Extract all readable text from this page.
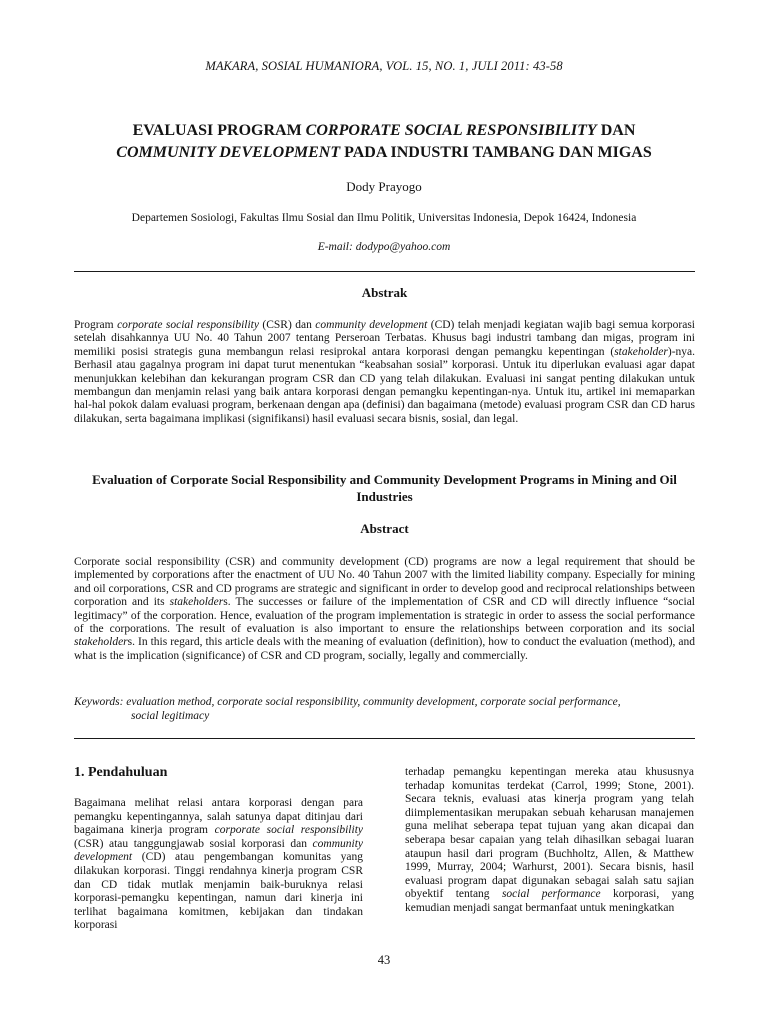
MAKARA, SOSIAL HUMANIORA, VOL. 15, NO. 1, JULI 2011: 43-58
EVALUASI PROGRAM CORPORATE SOCIAL RESPONSIBILITY DAN
COMMUNITY DEVELOPMENT PADA INDUSTRI TAMBANG DAN MIGAS
Dody Prayogo
Departemen Sosiologi, Fakultas Ilmu Sosial dan Ilmu Politik, Universitas Indonesia, Depok 16424, Indonesia
E-mail: dodypo@yahoo.com
Abstrak

Program corporate social responsibility (CSR) dan community development (CD) telah menjadi kegiatan wajib bagi semua korporasi setelah disahkannya UU No. 40 Tahun 2007 tentang Perseroan Terbatas. Khusus bagi industri tambang dan migas, program ini memiliki posisi strategis guna membangun relasi resiprokal antara korporasi dengan pemangku kepentingan (stakeholder)-nya. Berhasil atau gagalnya program ini dapat turut menentukan “keabsahan sosial” korporasi. Untuk itu diperlukan evaluasi agar dapat menunjukkan kelebihan dan kekurangan program CSR dan CD yang telah dilakukan. Evaluasi ini sangat penting dilakukan untuk membangun dan menjamin relasi yang baik antara korporasi dengan pemangku kepentingan-nya. Untuk itu, artikel ini memaparkan hal-hal pokok dalam evaluasi program, berkenaan dengan apa (definisi) dan bagaimana (metode) evaluasi program CSR dan CD harus dilakukan, serta bagaimana implikasi (signifikansi) hasil evaluasi secara bisnis, sosial, dan legal.

Evaluation of Corporate Social Responsibility and Community Development Programs in Mining and Oil Industries
Abstract

Corporate social responsibility (CSR) and community development (CD) programs are now a legal requirement that should be implemented by corporations after the enactment of UU No. 40 Tahun 2007 with the limited liability company. Especially for mining and oil corporations, CSR and CD programs are strategic and significant in order to develop good and reciprocal relationships between corporation and its stakeholders. The successes or failure of the implementation of CSR and CD will directly influence “social legitimacy” of the corporation. Hence, evaluation of the program implementation is strategic in order to assess the social performance of the corporations. The result of evaluation is also important to ensure the relationships between corporation and its social stakeholders. In this regard, this article deals with the meaning of evaluation (definition), how to conduct the evaluation (method), and what is the implication (significance) of CSR and CD program, socially, legally and commercially.

Keywords: evaluation method, corporate social responsibility, community development, corporate social performance,
social legitimacy
1. Pendahuluan

Bagaimana melihat relasi antara korporasi dengan para pemangku kepentingannya, salah satunya dapat ditinjau dari bagaimana kinerja program corporate social responsibility (CSR) atau tanggungjawab sosial korporasi dan community development (CD) atau pengembangan komunitas yang dilakukan korporasi. Tinggi rendahnya kinerja program CSR dan CD tidak mutlak menjamin baik-buruknya relasi korporasi-pemangku kepentingan, namun dari kinerja ini terlihat bagaimana komitmen, kebijakan dan tindakan korporasi

terhadap pemangku kepentingan mereka atau khususnya terhadap komunitas terdekat (Carrol, 1999; Stone, 2001). Secara teknis, evaluasi atas kinerja program yang telah diimplementasikan merupakan sebuah keharusan manajemen guna melihat seberapa tepat tujuan yang akan dicapai dan seberapa besar capaian yang telah dihasilkan sebagai luaran ataupun hasil dari program (Buchholtz, Allen, & Matthew 1999, Murray, 2004; Warhurst, 2001). Secara bisnis, hasil evaluasi program dapat digunakan sebagai salah satu sajian obyektif tentang social performance korporasi, yang kemudian menjadi sangat bermanfaat untuk meningkatkan

43
